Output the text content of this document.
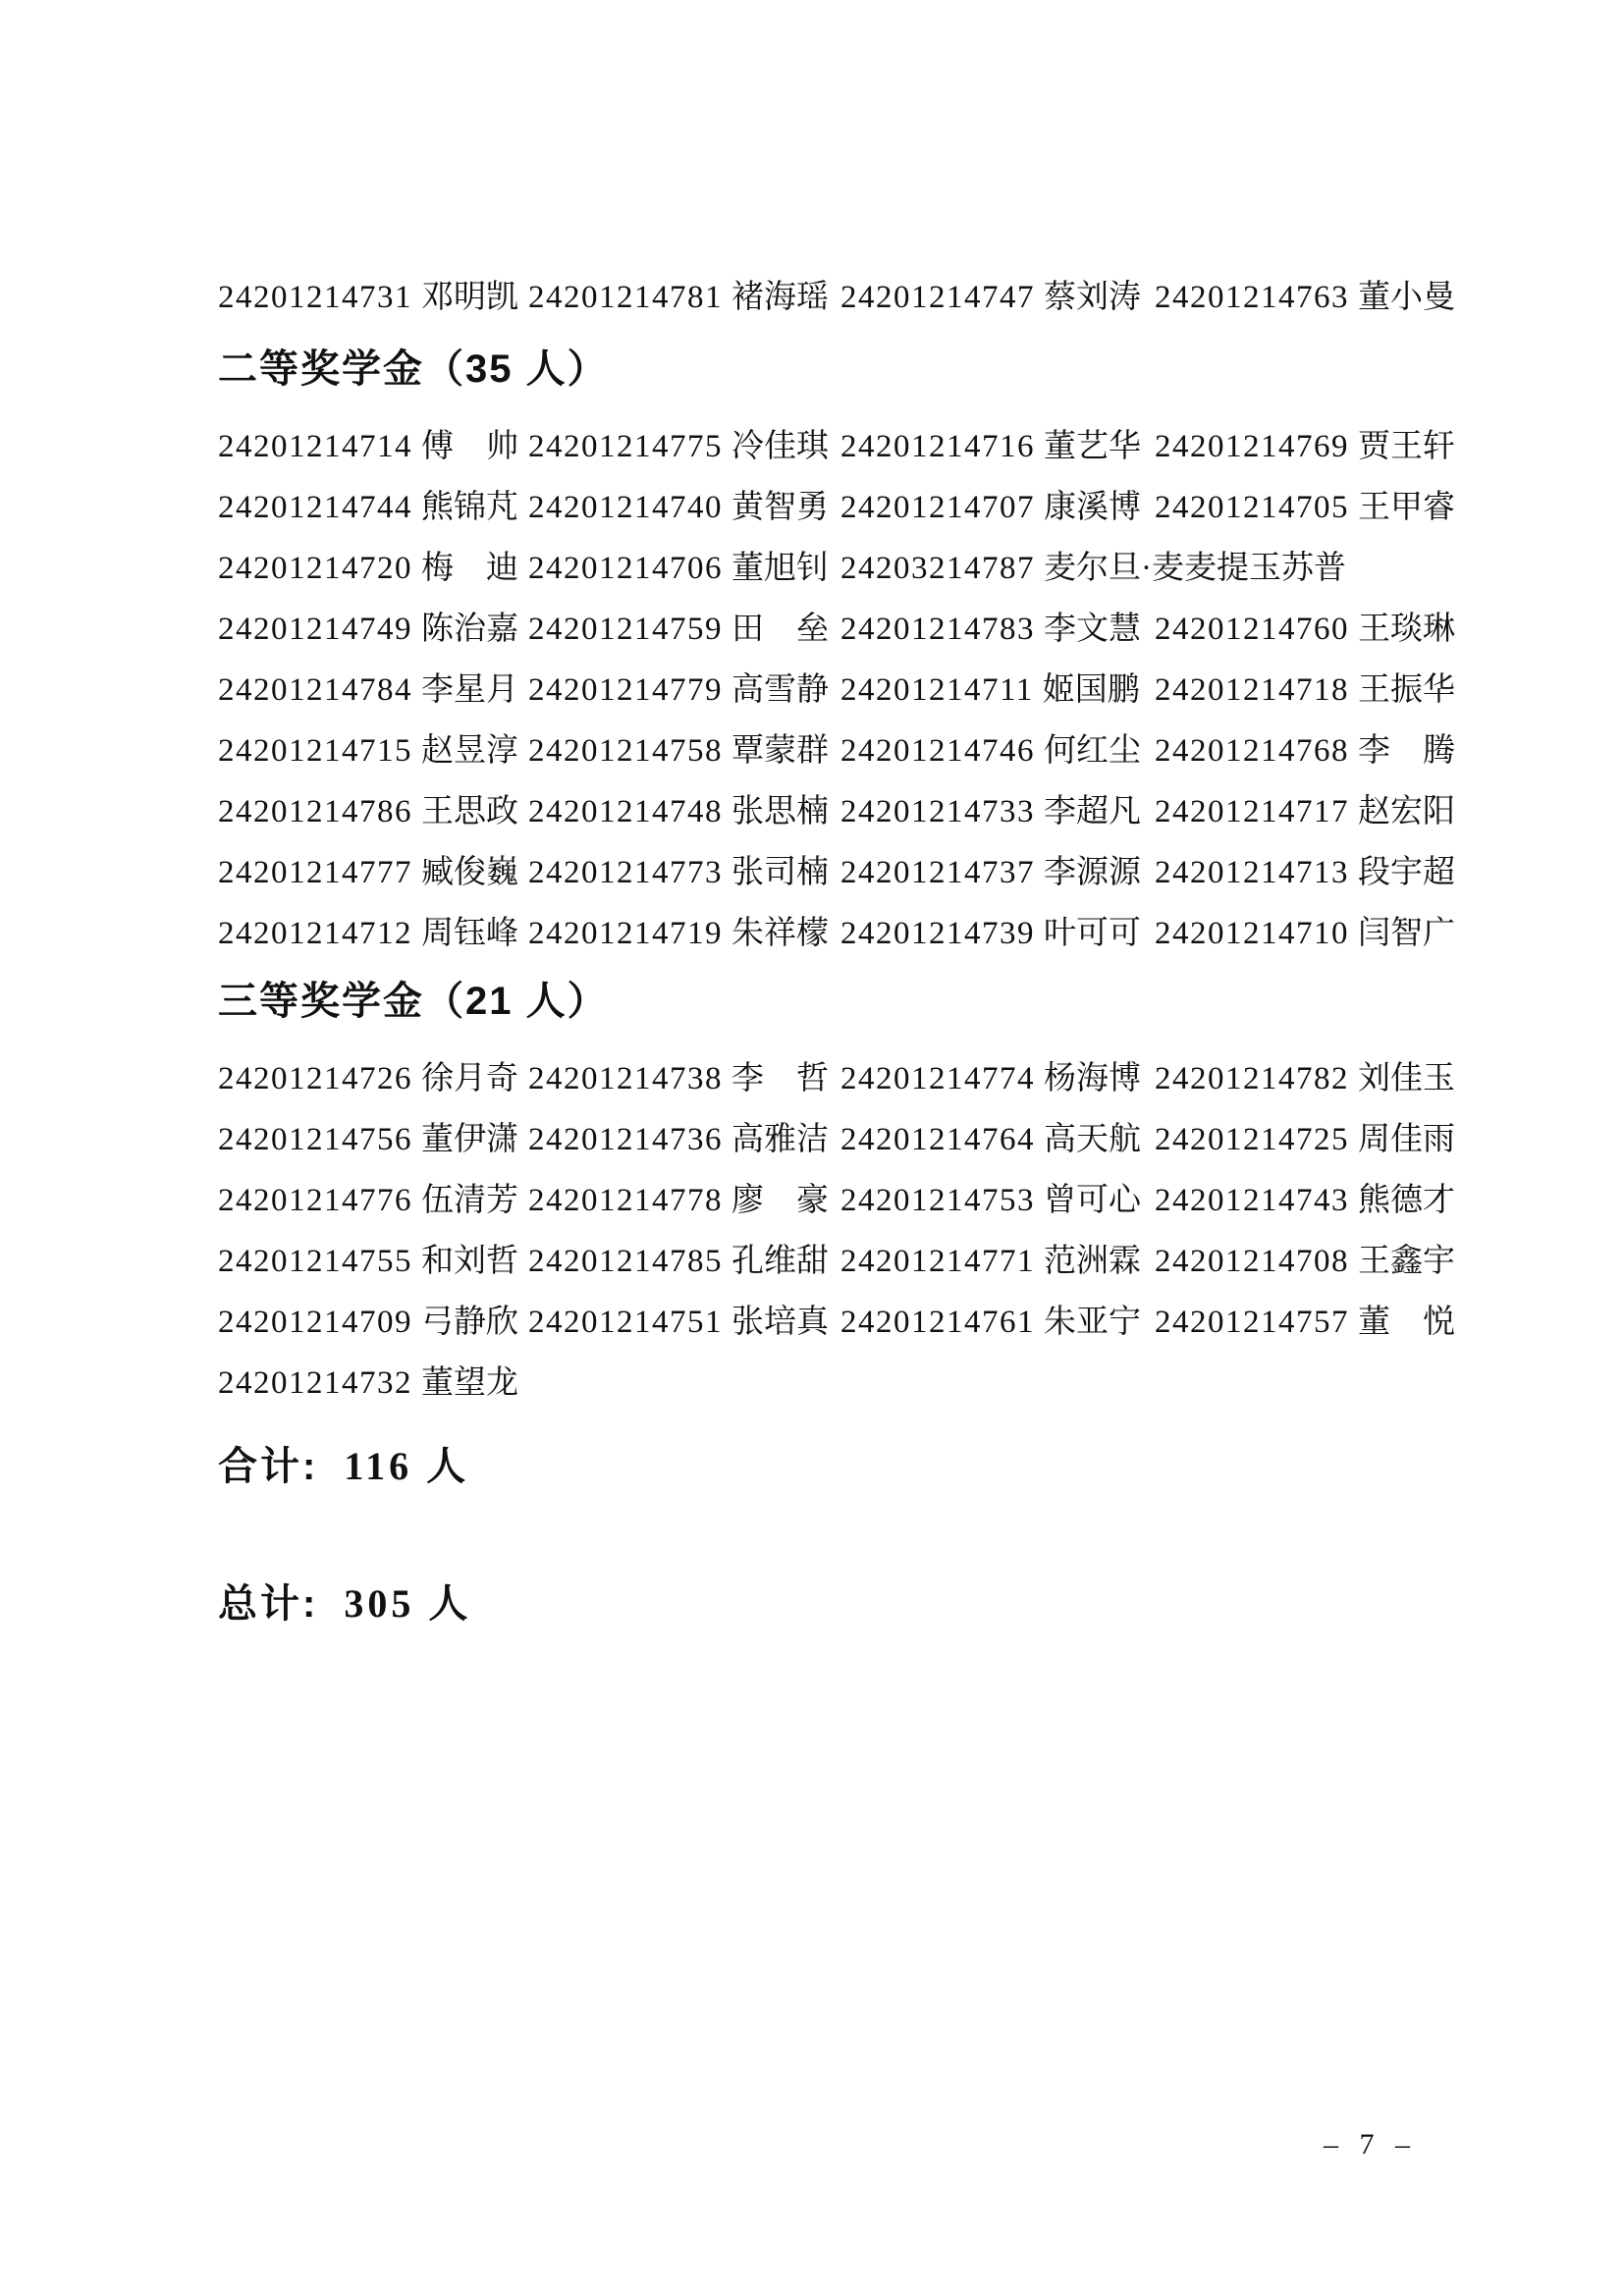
24201214731 邓明凯 24201214781 褚海瑶 24201214747 蔡刘涛 24201214763 董小曼
二等奖学金（35 人）
24201214714 傅　帅 24201214775 冷佳琪 24201214716 董艺华 24201214769 贾王轩
24201214744 熊锦芃 24201214740 黄智勇 24201214707 康溪博 24201214705 王甲睿
24201214720 梅　迪 24201214706 董旭钊 24203214787 麦尔旦·麦麦提玉苏普
24201214749 陈治嘉 24201214759 田　垒 24201214783 李文慧 24201214760 王琰琳
24201214784 李星月 24201214779 高雪静 24201214711 姬国鹏 24201214718 王振华
24201214715 赵昱淳 24201214758 覃蒙群 24201214746 何红尘 24201214768 李　腾
24201214786 王思政 24201214748 张思楠 24201214733 李超凡 24201214717 赵宏阳
24201214777 臧俊巍 24201214773 张司楠 24201214737 李源源 24201214713 段宇超
24201214712 周钰峰 24201214719 朱祥檬 24201214739 叶可可 24201214710 闫智广
三等奖学金（21 人）
24201214726 徐月奇 24201214738 李　哲 24201214774 杨海博 24201214782 刘佳玉
24201214756 董伊潇 24201214736 高雅洁 24201214764 高天航 24201214725 周佳雨
24201214776 伍清芳 24201214778 廖　豪 24201214753 曾可心 24201214743 熊德才
24201214755 和刘哲 24201214785 孔维甜 24201214771 范洲霖 24201214708 王鑫宇
24201214709 弓静欣 24201214751 张培真 24201214761 朱亚宁 24201214757 董　悦
24201214732 董望龙

合计: 116 人

总计: 305 人

– 7 –
